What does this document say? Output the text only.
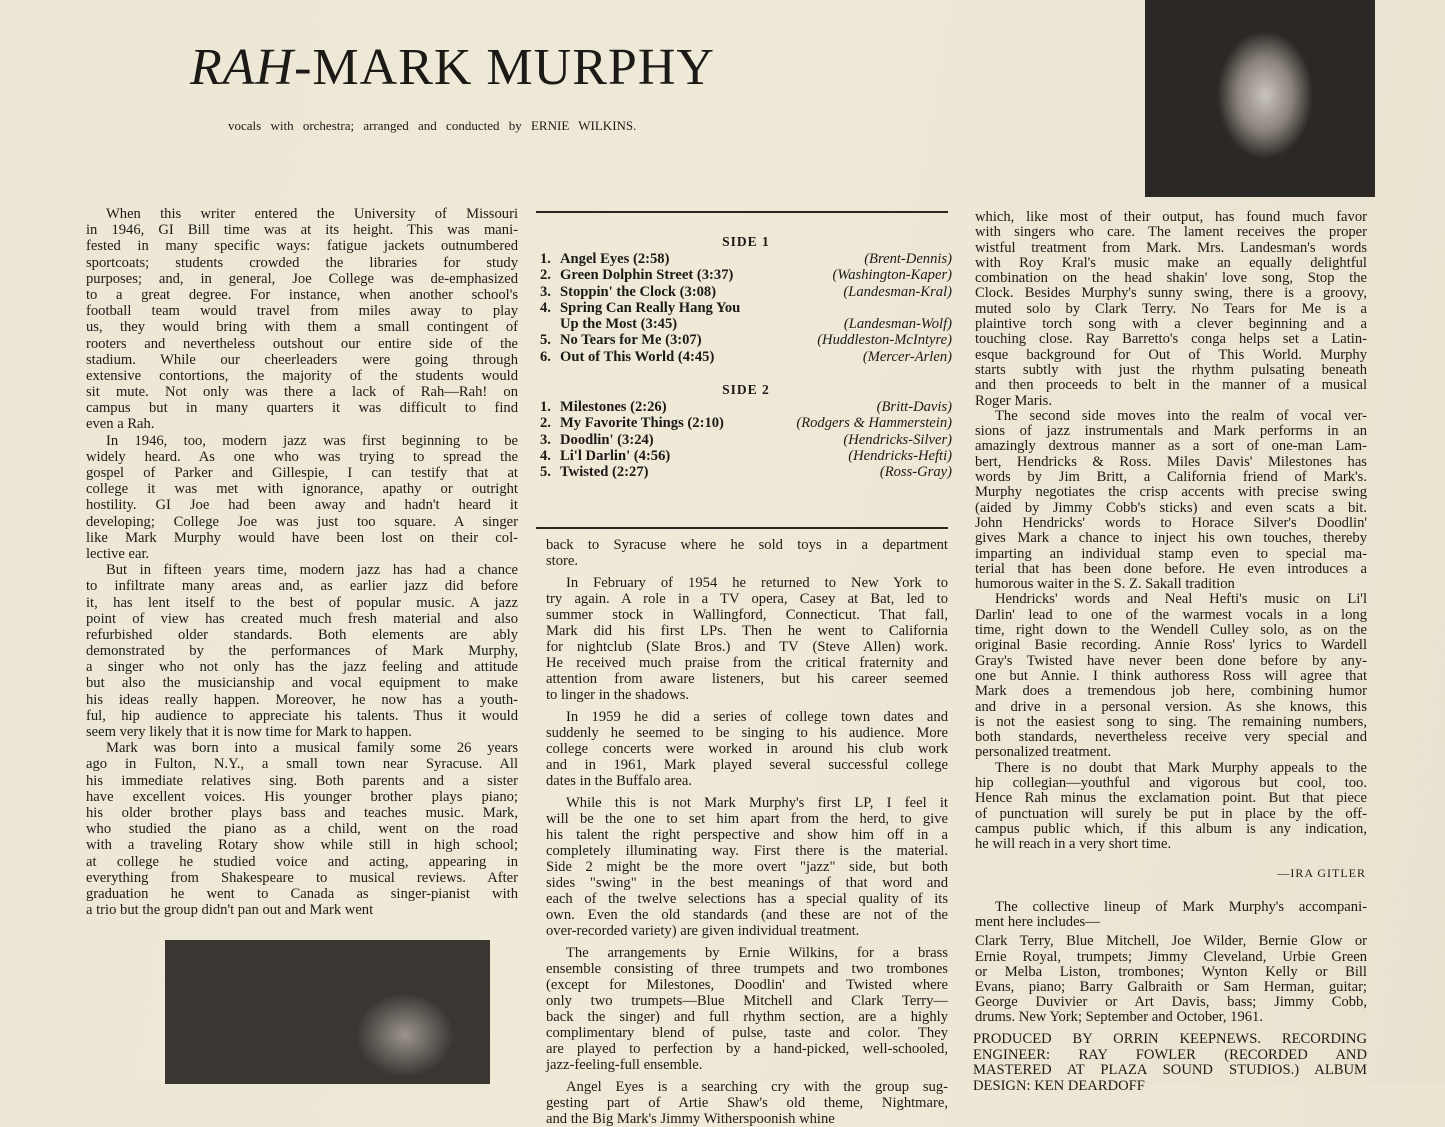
RAH-MARK MURPHY
vocals with orchestra; arranged and conducted by ERNIE WILKINS.
SIDE 1
1. Angel Eyes (2:58)	(Brent-Dennis)
2. Green Dolphin Street (3:37)	(Washington-Kaper)
3. Stoppin' the Clock (3:08)	(Landesman-Kral)
4. Spring Can Really Hang You
Up the Most (3:45)	(Landesman-Wolf)
5. No Tears for Me (3:07)	(Huddleston-McIntyre)
6. Out of This World (4:45)	(Mercer-Arlen)
SIDE 2
1. Milestones (2:26)	(Britt-Davis)
2. My Favorite Things (2:10)	(Rodgers & Hammerstein)
3. Doodlin' (3:24)	(Hendricks-Silver)
4. Li'l Darlin' (4:56)	(Hendricks-Hefti)
5. Twisted (2:27)	(Ross-Gray)
When this writer entered the University of Missouri
in 1946, GI Bill time was at its height. This was mani-
fested in many specific ways: fatigue jackets outnumbered
sportcoats; students crowded the libraries for study
purposes; and, in general, Joe College was de-emphasized
to a great degree. For instance, when another school's
football team would travel from miles away to play
us, they would bring with them a small contingent of
rooters and nevertheless outshout our entire side of the
stadium. While our cheerleaders were going through
extensive contortions, the majority of the students would
sit mute. Not only was there a lack of Rah—Rah! on
campus but in many quarters it was difficult to find
even a Rah.
In 1946, too, modern jazz was first beginning to be
widely heard. As one who was trying to spread the
gospel of Parker and Gillespie, I can testify that at
college it was met with ignorance, apathy or outright
hostility. GI Joe had been away and hadn't heard it
developing; College Joe was just too square. A singer
like Mark Murphy would have been lost on their col-
lective ear.
But in fifteen years time, modern jazz has had a chance
to infiltrate many areas and, as earlier jazz did before
it, has lent itself to the best of popular music. A jazz
point of view has created much fresh material and also
refurbished older standards. Both elements are ably
demonstrated by the performances of Mark Murphy,
a singer who not only has the jazz feeling and attitude
but also the musicianship and vocal equipment to make
his ideas really happen. Moreover, he now has a youth-
ful, hip audience to appreciate his talents. Thus it would
seem very likely that it is now time for Mark to happen.
Mark was born into a musical family some 26 years
ago in Fulton, N.Y., a small town near Syracuse. All
his immediate relatives sing. Both parents and a sister
have excellent voices. His younger brother plays piano;
his older brother plays bass and teaches music. Mark,
who studied the piano as a child, went on the road
with a traveling Rotary show while still in high school;
at college he studied voice and acting, appearing in
everything from Shakespeare to musical reviews. After
graduation he went to Canada as singer-pianist with
a trio but the group didn't pan out and Mark went
back to Syracuse where he sold toys in a department
store.
In February of 1954 he returned to New York to
try again. A role in a TV opera, Casey at Bat, led to
summer stock in Wallingford, Connecticut. That fall,
Mark did his first LPs. Then he went to California
for nightclub (Slate Bros.) and TV (Steve Allen) work.
He received much praise from the critical fraternity and
attention from aware listeners, but his career seemed
to linger in the shadows.
In 1959 he did a series of college town dates and
suddenly he seemed to be singing to his audience. More
college concerts were worked in around his club work
and in 1961, Mark played several successful college
dates in the Buffalo area.
While this is not Mark Murphy's first LP, I feel it
will be the one to set him apart from the herd, to give
his talent the right perspective and show him off in a
completely illuminating way. First there is the material.
Side 2 might be the more overt "jazz" side, but both
sides "swing" in the best meanings of that word and
each of the twelve selections has a special quality of its
own. Even the old standards (and these are not of the
over-recorded variety) are given individual treatment.
The arrangements by Ernie Wilkins, for a brass
ensemble consisting of three trumpets and two trombones
(except for Milestones, Doodlin' and Twisted where
only two trumpets—Blue Mitchell and Clark Terry—
back the singer) and full rhythm section, are a highly
complimentary blend of pulse, taste and color. They
are played to perfection by a hand-picked, well-schooled,
jazz-feeling-full ensemble.
Angel Eyes is a searching cry with the group sug-
gesting part of Artie Shaw's old theme, Nightmare,
and the Big Mark's Jimmy Witherspoonish whine
which, like most of their output, has found much favor
with singers who care. The lament receives the proper
wistful treatment from Mark. Mrs. Landesman's words
with Roy Kral's music make an equally delightful
combination on the head shakin' love song, Stop the
Clock. Besides Murphy's sunny swing, there is a groovy,
muted solo by Clark Terry. No Tears for Me is a
plaintive torch song with a clever beginning and a
touching close. Ray Barretto's conga helps set a Latin-
esque background for Out of This World. Murphy
starts subtly with just the rhythm pulsating beneath
and then proceeds to belt in the manner of a musical
Roger Maris.
The second side moves into the realm of vocal ver-
sions of jazz instrumentals and Mark performs in an
amazingly dextrous manner as a sort of one-man Lam-
bert, Hendricks & Ross. Miles Davis' Milestones has
words by Jim Britt, a California friend of Mark's.
Murphy negotiates the crisp accents with precise swing
(aided by Jimmy Cobb's sticks) and even scats a bit.
John Hendricks' words to Horace Silver's Doodlin'
gives Mark a chance to inject his own touches, thereby
imparting an individual stamp even to special ma-
terial that has been done before. He even introduces a
humorous waiter in the S. Z. Sakall tradition
Hendricks' words and Neal Hefti's music on Li'l
Darlin' lead to one of the warmest vocals in a long
time, right down to the Wendell Culley solo, as on the
original Basie recording. Annie Ross' lyrics to Wardell
Gray's Twisted have never been done before by any-
one but Annie. I think authoress Ross will agree that
Mark does a tremendous job here, combining humor
and drive in a personal version. As she knows, this
is not the easiest song to sing. The remaining numbers,
both standards, nevertheless receive very special and
personalized treatment.
There is no doubt that Mark Murphy appeals to the
hip collegian—youthful and vigorous but cool, too.
Hence Rah minus the exclamation point. But that piece
of punctuation will surely be put in place by the off-
campus public which, if this album is any indication,
he will reach in a very short time.
—IRA GITLER
The collective lineup of Mark Murphy's accompani-
ment here includes—
Clark Terry, Blue Mitchell, Joe Wilder, Bernie Glow or
Ernie Royal, trumpets; Jimmy Cleveland, Urbie Green
or Melba Liston, trombones; Wynton Kelly or Bill
Evans, piano; Barry Galbraith or Sam Herman, guitar;
George Duvivier or Art Davis, bass; Jimmy Cobb,
drums. New York; September and October, 1961.
PRODUCED BY ORRIN KEEPNEWS. RECORDING
ENGINEER: RAY FOWLER (RECORDED AND
MASTERED AT PLAZA SOUND STUDIOS.) ALBUM
DESIGN: KEN DEARDOFF
